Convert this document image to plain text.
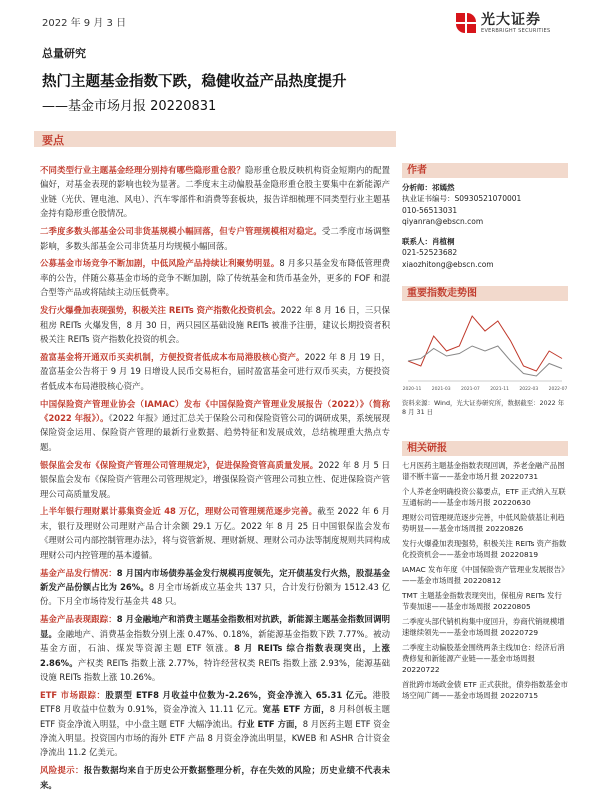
2022 年 9 月 3 日	光大证券
EVERBRIGHT SECURITIES
总量研究
热门主题基金指数下跌，稳健收益产品热度提升
——基金市场月报 20220831
要点

不同类型行业主题基金经理分别持有哪些隐形重仓股？隐形重仓股反映机构资金短期内的配置偏好，对基金表现的影响也较为显著。二季度末主动偏股基金隐形重仓股主要集中在新能源产业链（光伏、锂电池、风电）、汽车零部件和消费等套板块，报告详细梳理不同类型行业主题基金持有隐形重仓股情况。

二季度多数头部基金公司非货基规模小幅回落，但专户管理规模相对稳定。受二季度市场调整影响，多数头部基金公司非货基月均规模小幅回落。

公募基金市场竞争不断加剧，中低风险产品持续让利聚势明显。8 月多只基金发布降低管理费率的公告，伴随公募基金市场的竞争不断加剧，除了传统基金和货币基金外，更多的 FOF 和混合型等产品或将陆续主动压低费率。

发行火爆叠加表现强势，积极关注 REITs 资产指数化投资机会。2022 年 8 月 16 日，三只保租房 REITs 火爆发售，8 月 30 日，两只园区基础设施 REITs 被准予注册，建议长期投资者积极关注 REITs 资产指数化投资的机会。

盈富基金将开通双币买卖机制，方便投资者低成本布局港股核心资产。2022 年 8 月 19 日，盈富基金公告将于 9 月 19 日增设人民币交易柜台，届时盈富基金可进行双币买卖，方便投资者低成本布局港股核心资产。

中国保险资产管理业协会（IAMAC）发布《中国保险资产管理业发展报告（2022）》（简称《2022 年报》）。《2022 年报》通过汇总关于保险公司和保险资管公司的调研成果，系统展现保险资金运用、保险资产管理的最新行业数据、趋势特征和发展成效，总结梳理重大热点专题。

银保监会发布《保险资产管理公司管理规定》，促进保险资管高质量发展。2022 年 8 月 5 日银保监会发布《保险资产管理公司管理规定》，增强保险资产管理公司独立性、促进保险资产管理公司高质量发展。

上半年银行理财累计募集资金近 48 万亿，理财公司管理规范逐步完善。截至 2022 年 6 月末，银行及理财公司理财产品合计余额 29.1 万亿。2022 年 8 月 25 日中国银保监会发布《理财公司内部控制管理办法》，将与资管新规、理财新规、理财公司办法等制度规则共同构成理财公司内控管理的基本遵循。

基金产品发行情况：8 月国内市场债券基金发行规模再度领先，定开债基发行火热，股混基金新发产品份额占比为 26%。8 月全市场新成立基金共 137 只，合计发行份额为 1512.43 亿份。下月全市场待发行基金共 48 只。

基金产品表现跟踪：8 月金融地产和消费主题基金指数相对抗跌，新能源主题基金指数回调明显。金融地产、消费基金指数分别上涨 0.47%、0.18%，新能源基金指数下跌 7.77%。被动基金方面，石油、煤炭等资源主题 ETF 领涨。8 月 REITs 综合指数表现突出，上涨 2.86%。产权类 REITs 指数上涨 2.77%，特许经营权类 REITs 指数上涨 2.93%，能源基础设施 REITs 指数上涨 10.26%。

ETF 市场跟踪：股票型 ETF8 月收益中位数为-2.26%，资金净流入 65.31 亿元。港股 ETF8 月收益中位数为 0.91%，资金净流入 11.11 亿元。宽基 ETF 方面，8 月科创板主题 ETF 资金净流入明显，中小盘主题 ETF 大幅净流出。行业 ETF 方面，8 月医药主题 ETF 资金净流入明显。投资国内市场的海外 ETF 产品 8 月资金净流出明显，KWEB 和 ASHR 合计资金净流出 11.2 亿美元。

风险提示：报告数据均来自于历史公开数据整理分析，存在失效的风险；历史业绩不代表未来。

作者
分析师：祁嫣然
执业证书编号：S0930521070001
010-56513031
qiyanran@ebscn.com
联系人：肖植桐
021-52523682
xiaozhitong@ebscn.com
重要指数走势图
2020-11 2021-03 2021-07 2021-11 2022-03 2022-07
资料来源：Wind，光大证券研究所，数据截至：2022 年 8 月 31 日
相关研报
七月医药主题基金指数表现回调，养老金融产品图谱不断丰富——基金市场月报 20220731
个人养老金明确投资公募要点，ETF 正式纳入互联互通标的——基金市场月报 20220630
理财公司管理规范逐步完善，中低风险债基让利趋势明显——基金市场周报 20220826
发行火爆叠加表现强势，积极关注 REITs 资产指数化投资机会——基金市场周报 20220819
IAMAC 发布年度《中国保险资产管理业发展报告》——基金市场周报 20220812
TMT 主题基金指数表现突出，保租房 REITs 发行节奏加速——基金市场周报 20220805
二季度头部代销机构集中度回升，券商代销规模增速继续领先——基金市场周报 20220729
二季度主动偏股基金围绕两条主线加仓：经济后消费修复和新能源产业链——基金市场周报 20220722
首批跨市场政金债 ETF 正式获批，债券指数基金市场空间广阔——基金市场周报 20220715
